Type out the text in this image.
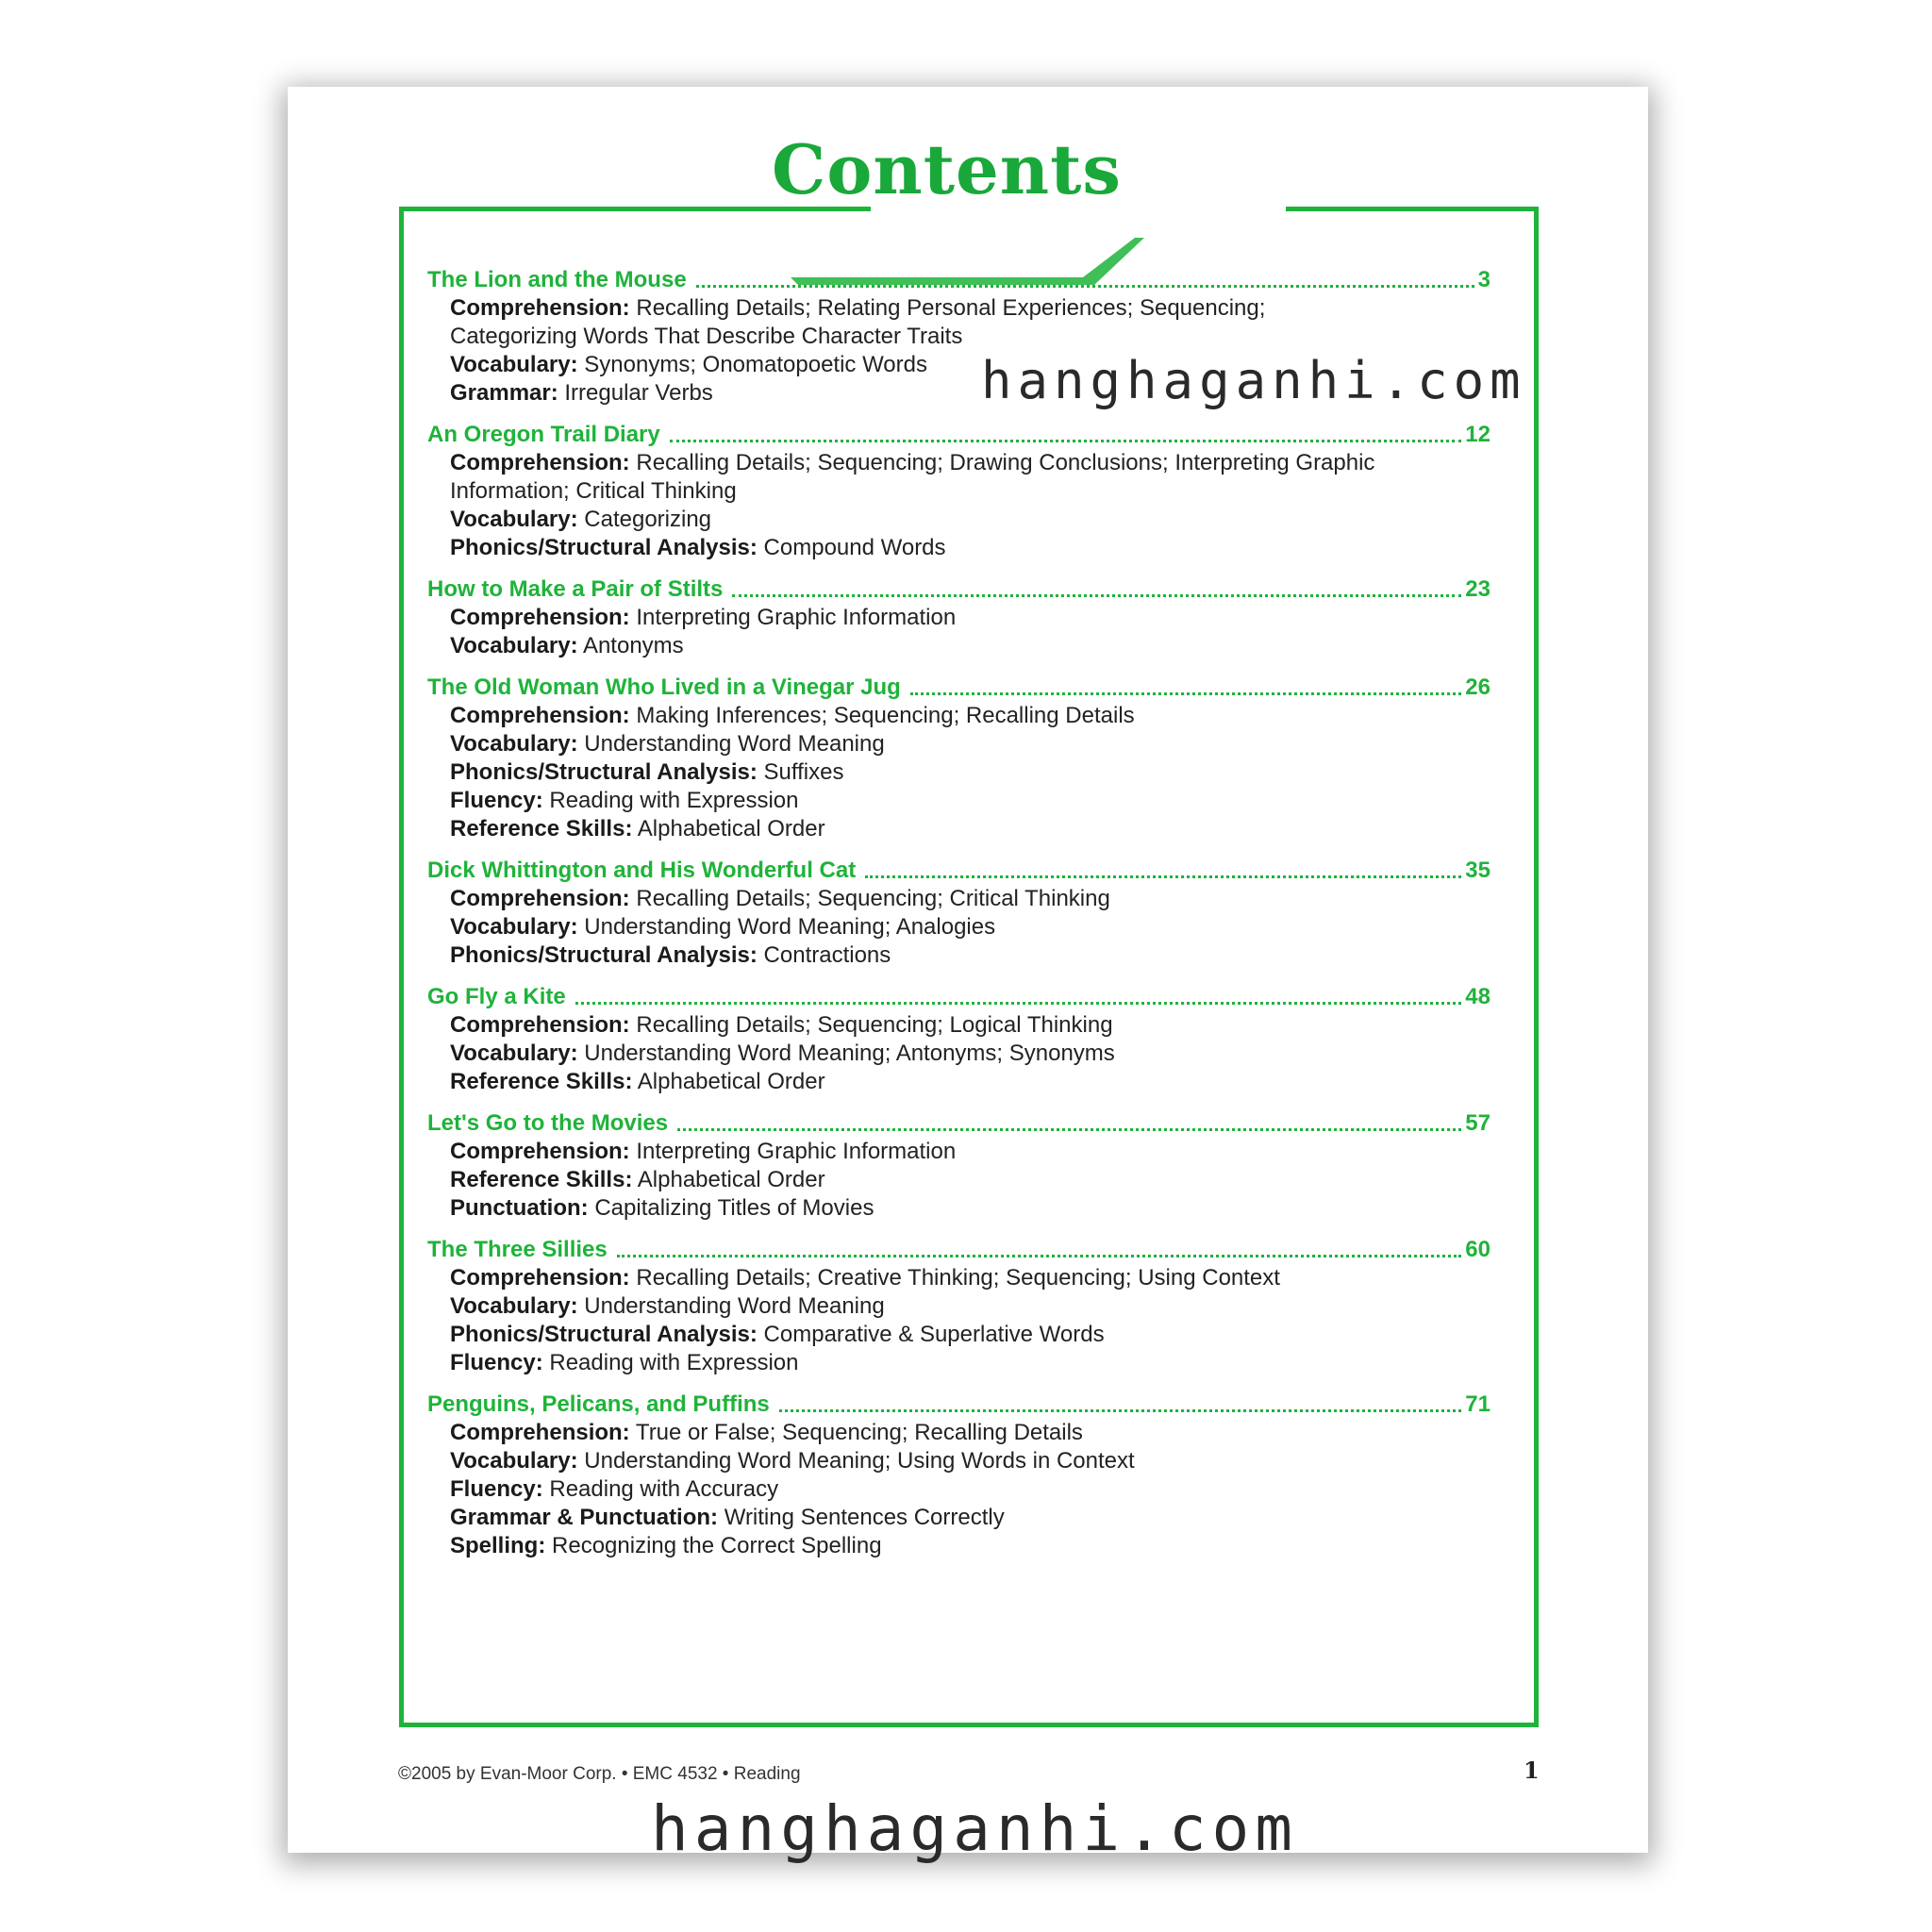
Contents
The Lion and the Mouse	3
Comprehension: Recalling Details; Relating Personal Experiences; Sequencing;
Categorizing Words That Describe Character Traits
Vocabulary: Synonyms; Onomatopoetic Words
Grammar: Irregular Verbs
An Oregon Trail Diary	12
Comprehension: Recalling Details; Sequencing; Drawing Conclusions; Interpreting Graphic
Information; Critical Thinking
Vocabulary: Categorizing
Phonics/Structural Analysis: Compound Words
How to Make a Pair of Stilts	23
Comprehension: Interpreting Graphic Information
Vocabulary: Antonyms
The Old Woman Who Lived in a Vinegar Jug	26
Comprehension: Making Inferences; Sequencing; Recalling Details
Vocabulary: Understanding Word Meaning
Phonics/Structural Analysis: Suffixes
Fluency: Reading with Expression
Reference Skills: Alphabetical Order
Dick Whittington and His Wonderful Cat	35
Comprehension: Recalling Details; Sequencing; Critical Thinking
Vocabulary: Understanding Word Meaning; Analogies
Phonics/Structural Analysis: Contractions
Go Fly a Kite	48
Comprehension: Recalling Details; Sequencing; Logical Thinking
Vocabulary: Understanding Word Meaning; Antonyms; Synonyms
Reference Skills: Alphabetical Order
Let's Go to the Movies	57
Comprehension: Interpreting Graphic Information
Reference Skills: Alphabetical Order
Punctuation: Capitalizing Titles of Movies
The Three Sillies	60
Comprehension: Recalling Details; Creative Thinking; Sequencing; Using Context
Vocabulary: Understanding Word Meaning
Phonics/Structural Analysis: Comparative & Superlative Words
Fluency: Reading with Expression
Penguins, Pelicans, and Puffins	71
Comprehension: True or False; Sequencing; Recalling Details
Vocabulary: Understanding Word Meaning; Using Words in Context
Fluency: Reading with Accuracy
Grammar & Punctuation: Writing Sentences Correctly
Spelling: Recognizing the Correct Spelling
©2005 by Evan-Moor Corp. • EMC 4532 • Reading	1
hanghaganhi.com
hanghaganhi.com
